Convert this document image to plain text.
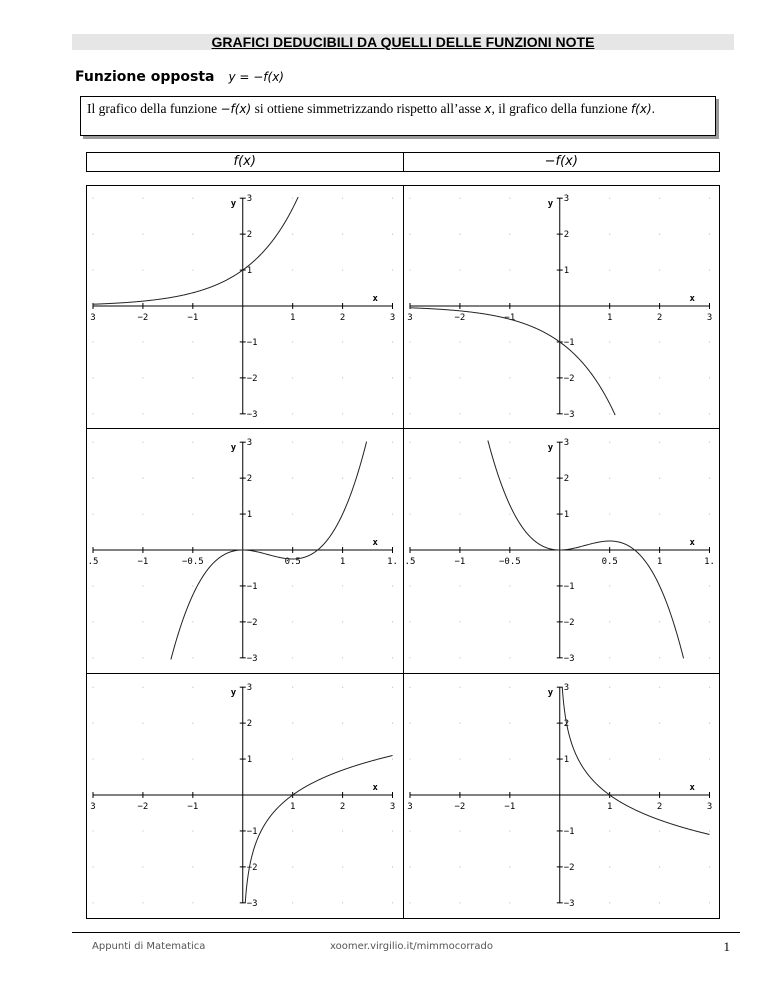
GRAFICI DEDUCIBILI DA QUELLI DELLE FUNZIONI NOTE
Funzione opposta y = −f(x)
Il grafico della funzione −f(x) si ottiene simmetrizzando rispetto all’asse x, il grafico della funzione f(x).
f(x)	−f(x)
3	−2	−1	1	2	3
3
2
1
−1
−2
−3
x
y
3	−2	−1	1	2	3
3
2
1
−1
−2
−3
x
y
.5	−1	−0.5	0.5	1	1.
3
2
1
−1
−2
−3
x
y
.5	−1	−0.5	0.5	1	1.
3
2
1
−1
−2
−3
x
y
3	−2	−1	1	2	3
3
2
1
−1
−2
−3
x
y
3	−2	−1	1	2	3
3
2
1
−1
−2
−3
x
y
Appunti di Matematica	xoomer.virgilio.it/mimmocorrado	1
